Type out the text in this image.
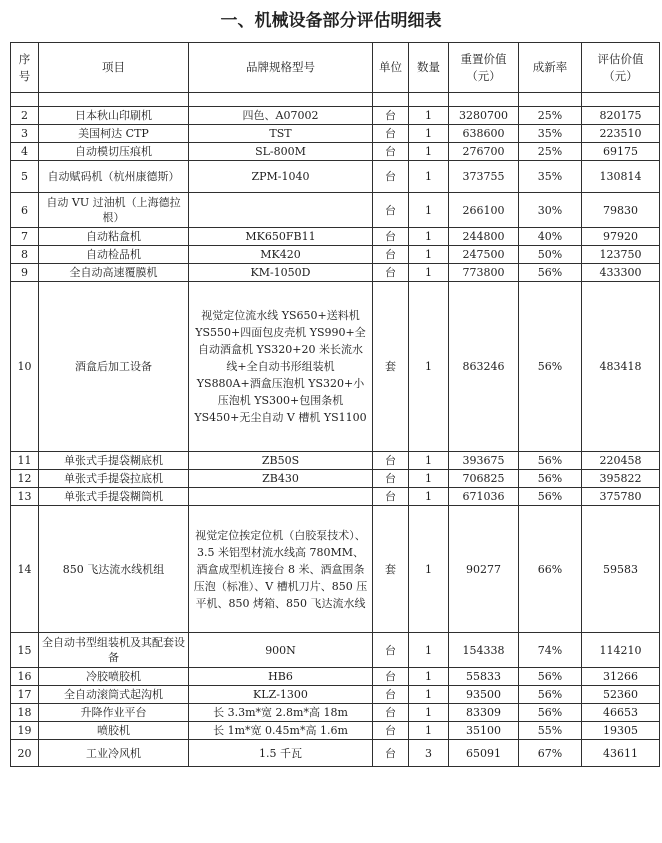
一、机械设备部分评估明细表
序号	项目	品牌规格型号	单位	数量	重置价值（元）	成新率	评估价值（元）

2	日本秋山印刷机	四色、A07002	台	1	3280700	25%	820175
3	美国柯达 CTP	TST	台	1	638600	35%	223510
4	自动模切压痕机	SL-800M	台	1	276700	25%	69175
5	自动赋码机（杭州康德斯）	ZPM-1040	台	1	373755	35%	130814
6	自动 VU 过油机（上海德拉根）		台	1	266100	30%	79830
7	自动粘盒机	MK650FB11	台	1	244800	40%	97920
8	自动检品机	MK420	台	1	247500	50%	123750
9	全自动高速覆膜机	KM-1050D	台	1	773800	56%	433300
10	酒盒后加工设备	视觉定位流水线 YS650+送料机 YS550+四面包皮壳机 YS990+全自动酒盒机 YS320+20 米长流水线+全自动书形组装机 YS880A+酒盒压泡机 YS320+小压泡机 YS300+包围条机 YS450+无尘自动 V 槽机 YS1100	套	1	863246	56%	483418
11	单张式手提袋糊底机	ZB50S	台	1	393675	56%	220458
12	单张式手提袋拉底机	ZB430	台	1	706825	56%	395822
13	单张式手提袋糊筒机		台	1	671036	56%	375780
14	850 飞达流水线机组	视觉定位挨定位机（白胶泵技术）、3.5 米铝型材流水线高 780MM、酒盒成型机连接台 8 米、酒盒围条压泡（标准）、V 槽机刀片、850 压平机、850 烤箱、850 飞达流水线	套	1	90277	66%	59583
15	全自动书型组装机及其配套设备	900N	台	1	154338	74%	114210
16	冷胶喷胶机	HB6	台	1	55833	56%	31266
17	全自动滚筒式起沟机	KLZ-1300	台	1	93500	56%	52360
18	升降作业平台	长 3.3m*宽 2.8m*高 18m	台	1	83309	56%	46653
19	喷胶机	长 1m*宽 0.45m*高 1.6m	台	1	35100	55%	19305
20	工业冷风机	1.5 千瓦	台	3	65091	67%	43611
